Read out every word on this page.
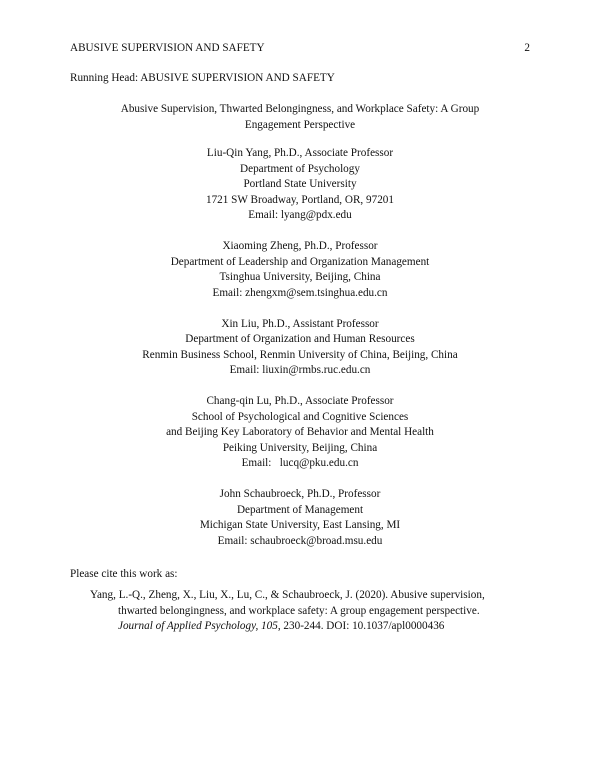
ABUSIVE SUPERVISION AND SAFETY	2
Running Head: ABUSIVE SUPERVISION AND SAFETY
Abusive Supervision, Thwarted Belongingness, and Workplace Safety: A Group
Engagement Perspective
Liu-Qin Yang, Ph.D., Associate Professor
Department of Psychology
Portland State University
1721 SW Broadway, Portland, OR, 97201
Email: lyang@pdx.edu
Xiaoming Zheng, Ph.D., Professor
Department of Leadership and Organization Management
Tsinghua University, Beijing, China
Email: zhengxm@sem.tsinghua.edu.cn
Xin Liu, Ph.D., Assistant Professor
Department of Organization and Human Resources
Renmin Business School, Renmin University of China, Beijing, China
Email: liuxin@rmbs.ruc.edu.cn
Chang-qin Lu, Ph.D., Associate Professor
School of Psychological and Cognitive Sciences
and Beijing Key Laboratory of Behavior and Mental Health
Peiking University, Beijing, China
Email:   lucq@pku.edu.cn
John Schaubroeck, Ph.D., Professor
Department of Management
Michigan State University, East Lansing, MI
Email: schaubroeck@broad.msu.edu
Please cite this work as:
Yang, L.-Q., Zheng, X., Liu, X., Lu, C., & Schaubroeck, J. (2020). Abusive supervision,
thwarted belongingness, and workplace safety: A group engagement perspective.
Journal of Applied Psychology, 105, 230-244. DOI: 10.1037/apl0000436
